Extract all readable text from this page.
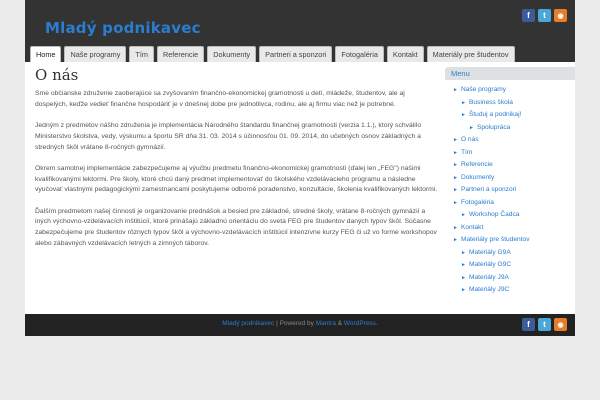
Mladý podnikavec
f	t	◉
Home	Naše programy	Tím	Referencie	Dokumenty	Partneri a sponzori	Fotogaléria	Kontakt	Materiály pre študentov
O nás

Sme občianske združenie zaoberajúce sa zvyšovaním finančno-ekonomickej gramotnosti u detí, mládeže, študentov, ale aj dospelých, keďže vedieť finančne hospodáriť je v dnešnej dobe pre jednotlivca, rodinu, ale aj firmu viac než je potrebné.

Jedným z predmetov nášho združenia je implementácia Národného štandardu finančnej gramotnosti (verzia 1.1.), ktorý schválilo Ministerstvo školstva, vedy, výskumu a športu SR dňa 31. 03. 2014 s účinnosťou 01. 09. 2014, do učebných osnov základných a stredných škôl vrátane 8-ročných gymnázií.

Okrem samotnej implementácie zabezpečujeme aj výučbu predmetu finančno-ekonomickej gramotnosti (ďalej len „FEG") našimi kvalifikovanými lektormi. Pre školy, ktoré chcú daný predmet implementovať do školského vzdelávacieho programu a následne vyučovať vlastnými pedagogickými zamestnancami poskytujeme odborné poradenstvo, konzultácie, školenia kvalifikovaných lektormi.

Ďalším predmetom našej činnosti je organizovanie prednášok a besied pre základné, stredné školy, vrátane 8-ročných gymnázií a iných výchovno-vzdelávacích inštitúcií, ktoré prinášajú základnú orientáciu do sveta FEG pre študentov daných typov škôl. Súčasne zabezpečujeme pre študentov rôznych typov škôl a výchovno-vzdelávacích inštitúcií intenzívne kurzy FEG či už vo forme workshopov alebo zábavných vzdelávacích letných a zimných táborov.

Menu
► Naše programy
► Business škola
► Študuj a podnikaj!
► Spolupráca
► O nás
► Tím
► Referencie
► Dokumenty
► Partneri a sponzori
► Fotogaléria
► Workshop Čadca
► Kontakt
► Materiály pre študentov
► Materiály G9A
► Materiály G9C
► Materiály J9A
► Materiály J9C
Mladý podnikavec | Powered by Mantra & WordPress.	f	t	◉
